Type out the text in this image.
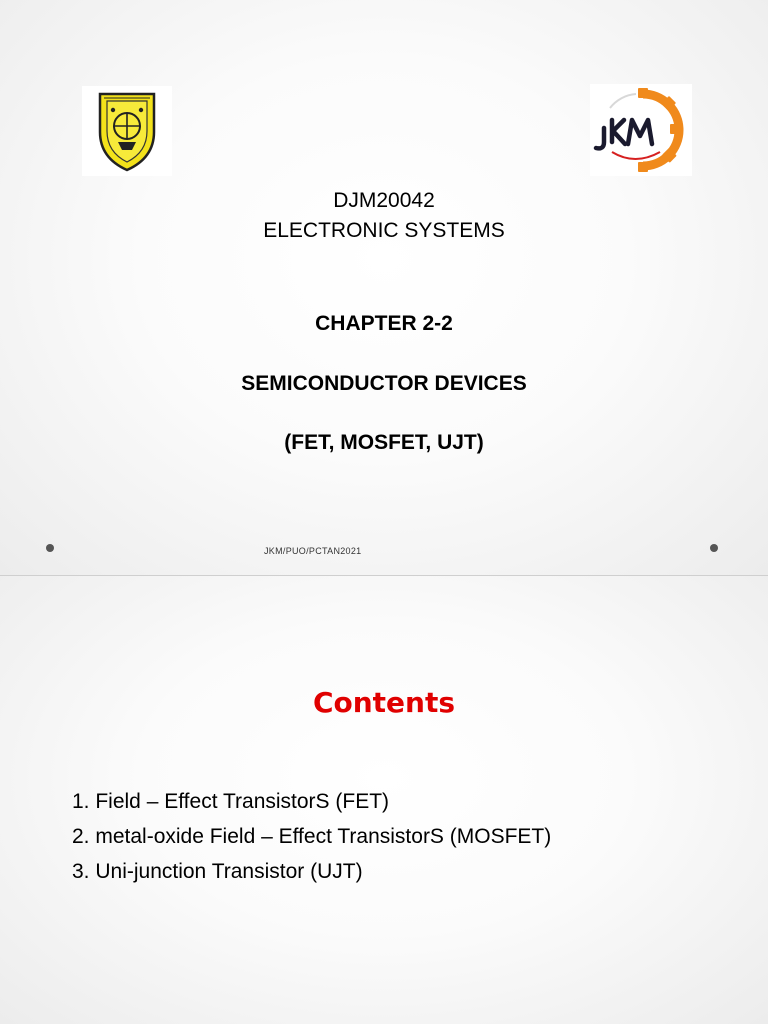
DJM20042
ELECTRONIC SYSTEMS
CHAPTER 2-2
SEMICONDUCTOR DEVICES
(FET, MOSFET, UJT)
JKM/PUO/PCTAN2021
Contents
1. Field – Effect TransistorS (FET)
2. metal-oxide Field – Effect TransistorS (MOSFET)
3. Uni-junction Transistor (UJT)
